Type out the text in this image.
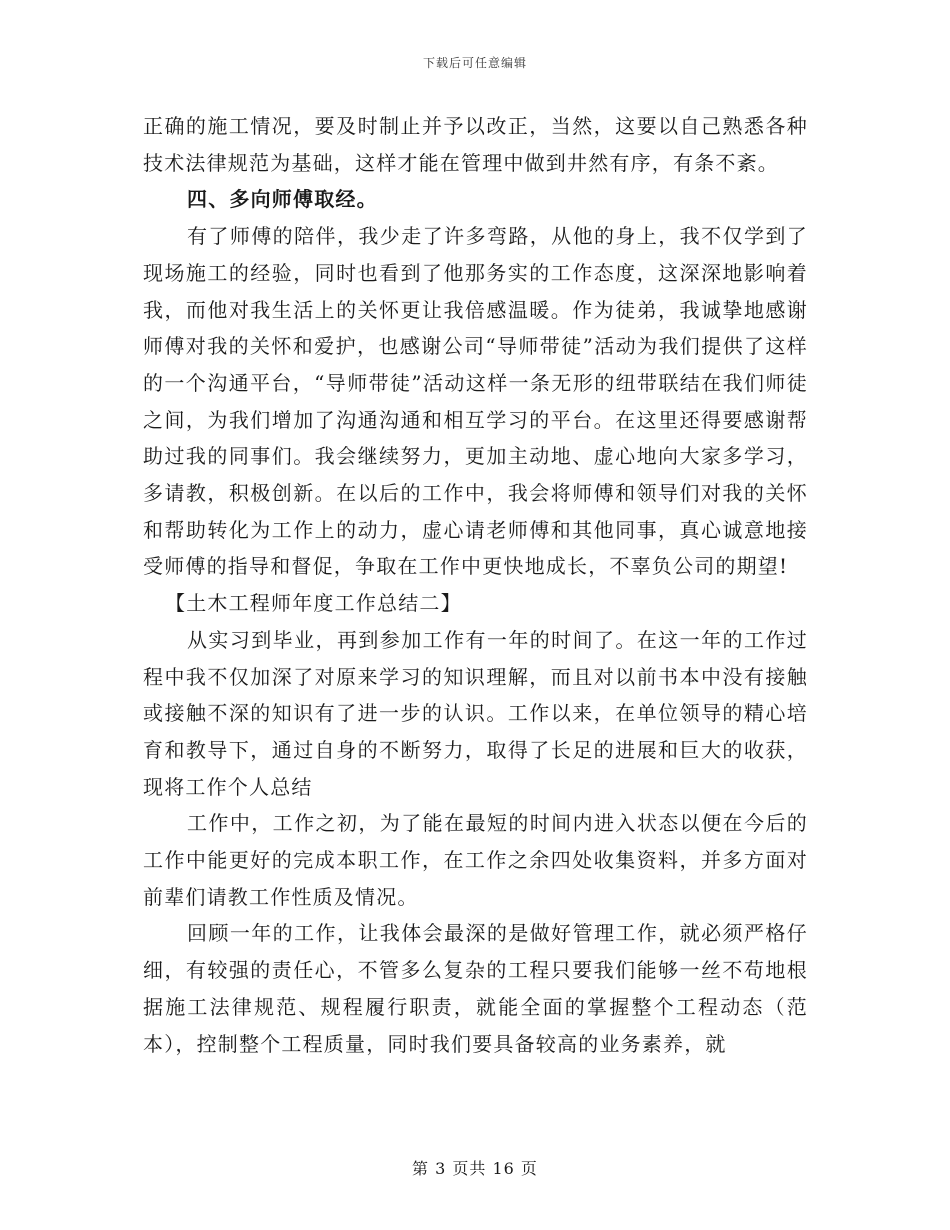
下载后可任意编辑

正确的施工情况，要及时制止并予以改正，当然，这要以自己熟悉各种技术法律规范为基础，这样才能在管理中做到井然有序，有条不紊。

四、多向师傅取经。

有了师傅的陪伴，我少走了许多弯路，从他的身上，我不仅学到了现场施工的经验，同时也看到了他那务实的工作态度，这深深地影响着我，而他对我生活上的关怀更让我倍感温暖。作为徒弟，我诚挚地感谢师傅对我的关怀和爱护，也感谢公司“导师带徒”活动为我们提供了这样的一个沟通平台，“导师带徒”活动这样一条无形的纽带联结在我们师徒之间，为我们增加了沟通沟通和相互学习的平台。在这里还得要感谢帮助过我的同事们。我会继续努力，更加主动地、虚心地向大家多学习，多请教，积极创新。在以后的工作中，我会将师傅和领导们对我的关怀和帮助转化为工作上的动力，虚心请老师傅和其他同事，真心诚意地接受师傅的指导和督促，争取在工作中更快地成长，不辜负公司的期望!

【土木工程师年度工作总结二】

从实习到毕业，再到参加工作有一年的时间了。在这一年的工作过程中我不仅加深了对原来学习的知识理解，而且对以前书本中没有接触或接触不深的知识有了进一步的认识。工作以来，在单位领导的精心培育和教导下，通过自身的不断努力，取得了长足的进展和巨大的收获，现将工作个人总结

工作中，工作之初，为了能在最短的时间内进入状态以便在今后的工作中能更好的完成本职工作，在工作之余四处收集资料，并多方面对前辈们请教工作性质及情况。

回顾一年的工作，让我体会最深的是做好管理工作，就必须严格仔细，有较强的责任心，不管多么复杂的工程只要我们能够一丝不苟地根据施工法律规范、规程履行职责，就能全面的掌握整个工程动态（范本），控制整个工程质量，同时我们要具备较高的业务素养，就

第 3 页共 16 页
